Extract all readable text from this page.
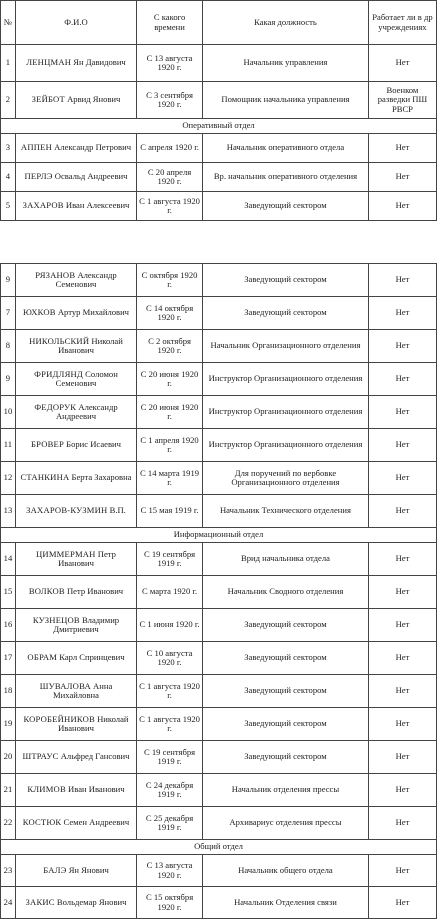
№	Ф.И.О	С какого времени	Какая должность	Работает ли в др учреждениях
1	ЛЕНЦМАН Ян Давидович	С 13 августа 1920 г.	Начальник управления	Нет
2	ЗЕЙБОТ Арвид Янович	С 3 сентября 1920 г.	Помощник начальника управления	Военком разведки ПШ РВСР
Оперативный отдел				
3	АППЕН Александр Петрович	С апреля 1920 г.	Начальник оперативного отдела	Нет
4	ПЕРЛЭ Освальд Андреевич	С 20 апреля 1920 г.	Вр. начальник оперативного отделения	Нет
5	ЗАХАРОВ Иван Алексеевич	С 1 августа 1920 г.	Заведующий сектором	Нет
9	РЯЗАНОВ Александр Семенович	С октября 1920 г.	Заведующий сектором	Нет
7	ЮХКОВ Артур Михайлович	С 14 октября 1920 г.	Заведующий сектором	Нет
8	НИКОЛЬСКИЙ Николай Иванович	С 2 октября 1920 г.	Начальник Организационного отделения	Нет
9	ФРИДЛЯНД Соломон Семенович	С 20 июня 1920 г.	Инструктор Организационного отделения	Нет
10	ФЕДОРУК Александр Андреевич	С 20 июня 1920 г.	Инструктор Организационного отделения	Нет
11	БРОВЕР Борис Исаевич	С 1 апреля 1920 г.	Инструктор Организационного отделения	Нет
12	СТАНКИНА Берта Захаровна	С 14 марта 1919 г.	Для поручений по вербовке Организационного отделения	Нет
13	ЗАХАРОВ-КУЗМИН В.П.	С 15 мая 1919 г.	Начальник Технического отделения	Нет
Информационный отдел				
14	ЦИММЕРМАН Петр Иванович	С 19 сентября 1919 г.	Врид начальника отдела	Нет
15	ВОЛКОВ Петр Иванович	С марта 1920 г.	Начальник Сводного отделения	Нет
16	КУЗНЕЦОВ Владимир Дмитриевич	С 1 июня 1920 г.	Заведующий сектором	Нет
17	ОБРАМ Карл Спринцевич	С 10 августа 1920 г.	Заведующий сектором	Нет
18	ШУВАЛОВА Анна Михайловна	С 1 августа 1920 г.	Заведующий сектором	Нет
19	КОРОБЕЙНИКОВ Николай Иванович	С 1 августа 1920 г.	Заведующий сектором	Нет
20	ШТРАУС Альфред Гансович	С 19 сентября 1919 г.	Заведующий сектором	Нет
21	КЛИМОВ Иван Иванович	С 24 декабря 1919 г.	Начальник отделения прессы	Нет
22	КОСТЮК Семен Андреевич	С 25 декабря 1919 г.	Архивариус отделения прессы	Нет
Общий отдел				
23	БАЛЭ Ян Янович	С 13 августа 1920 г.	Начальник общего отдела	Нет
24	ЗАКИС Вольдемар Янович	С 15 октября 1920 г.	Начальник Отделения связи	Нет
